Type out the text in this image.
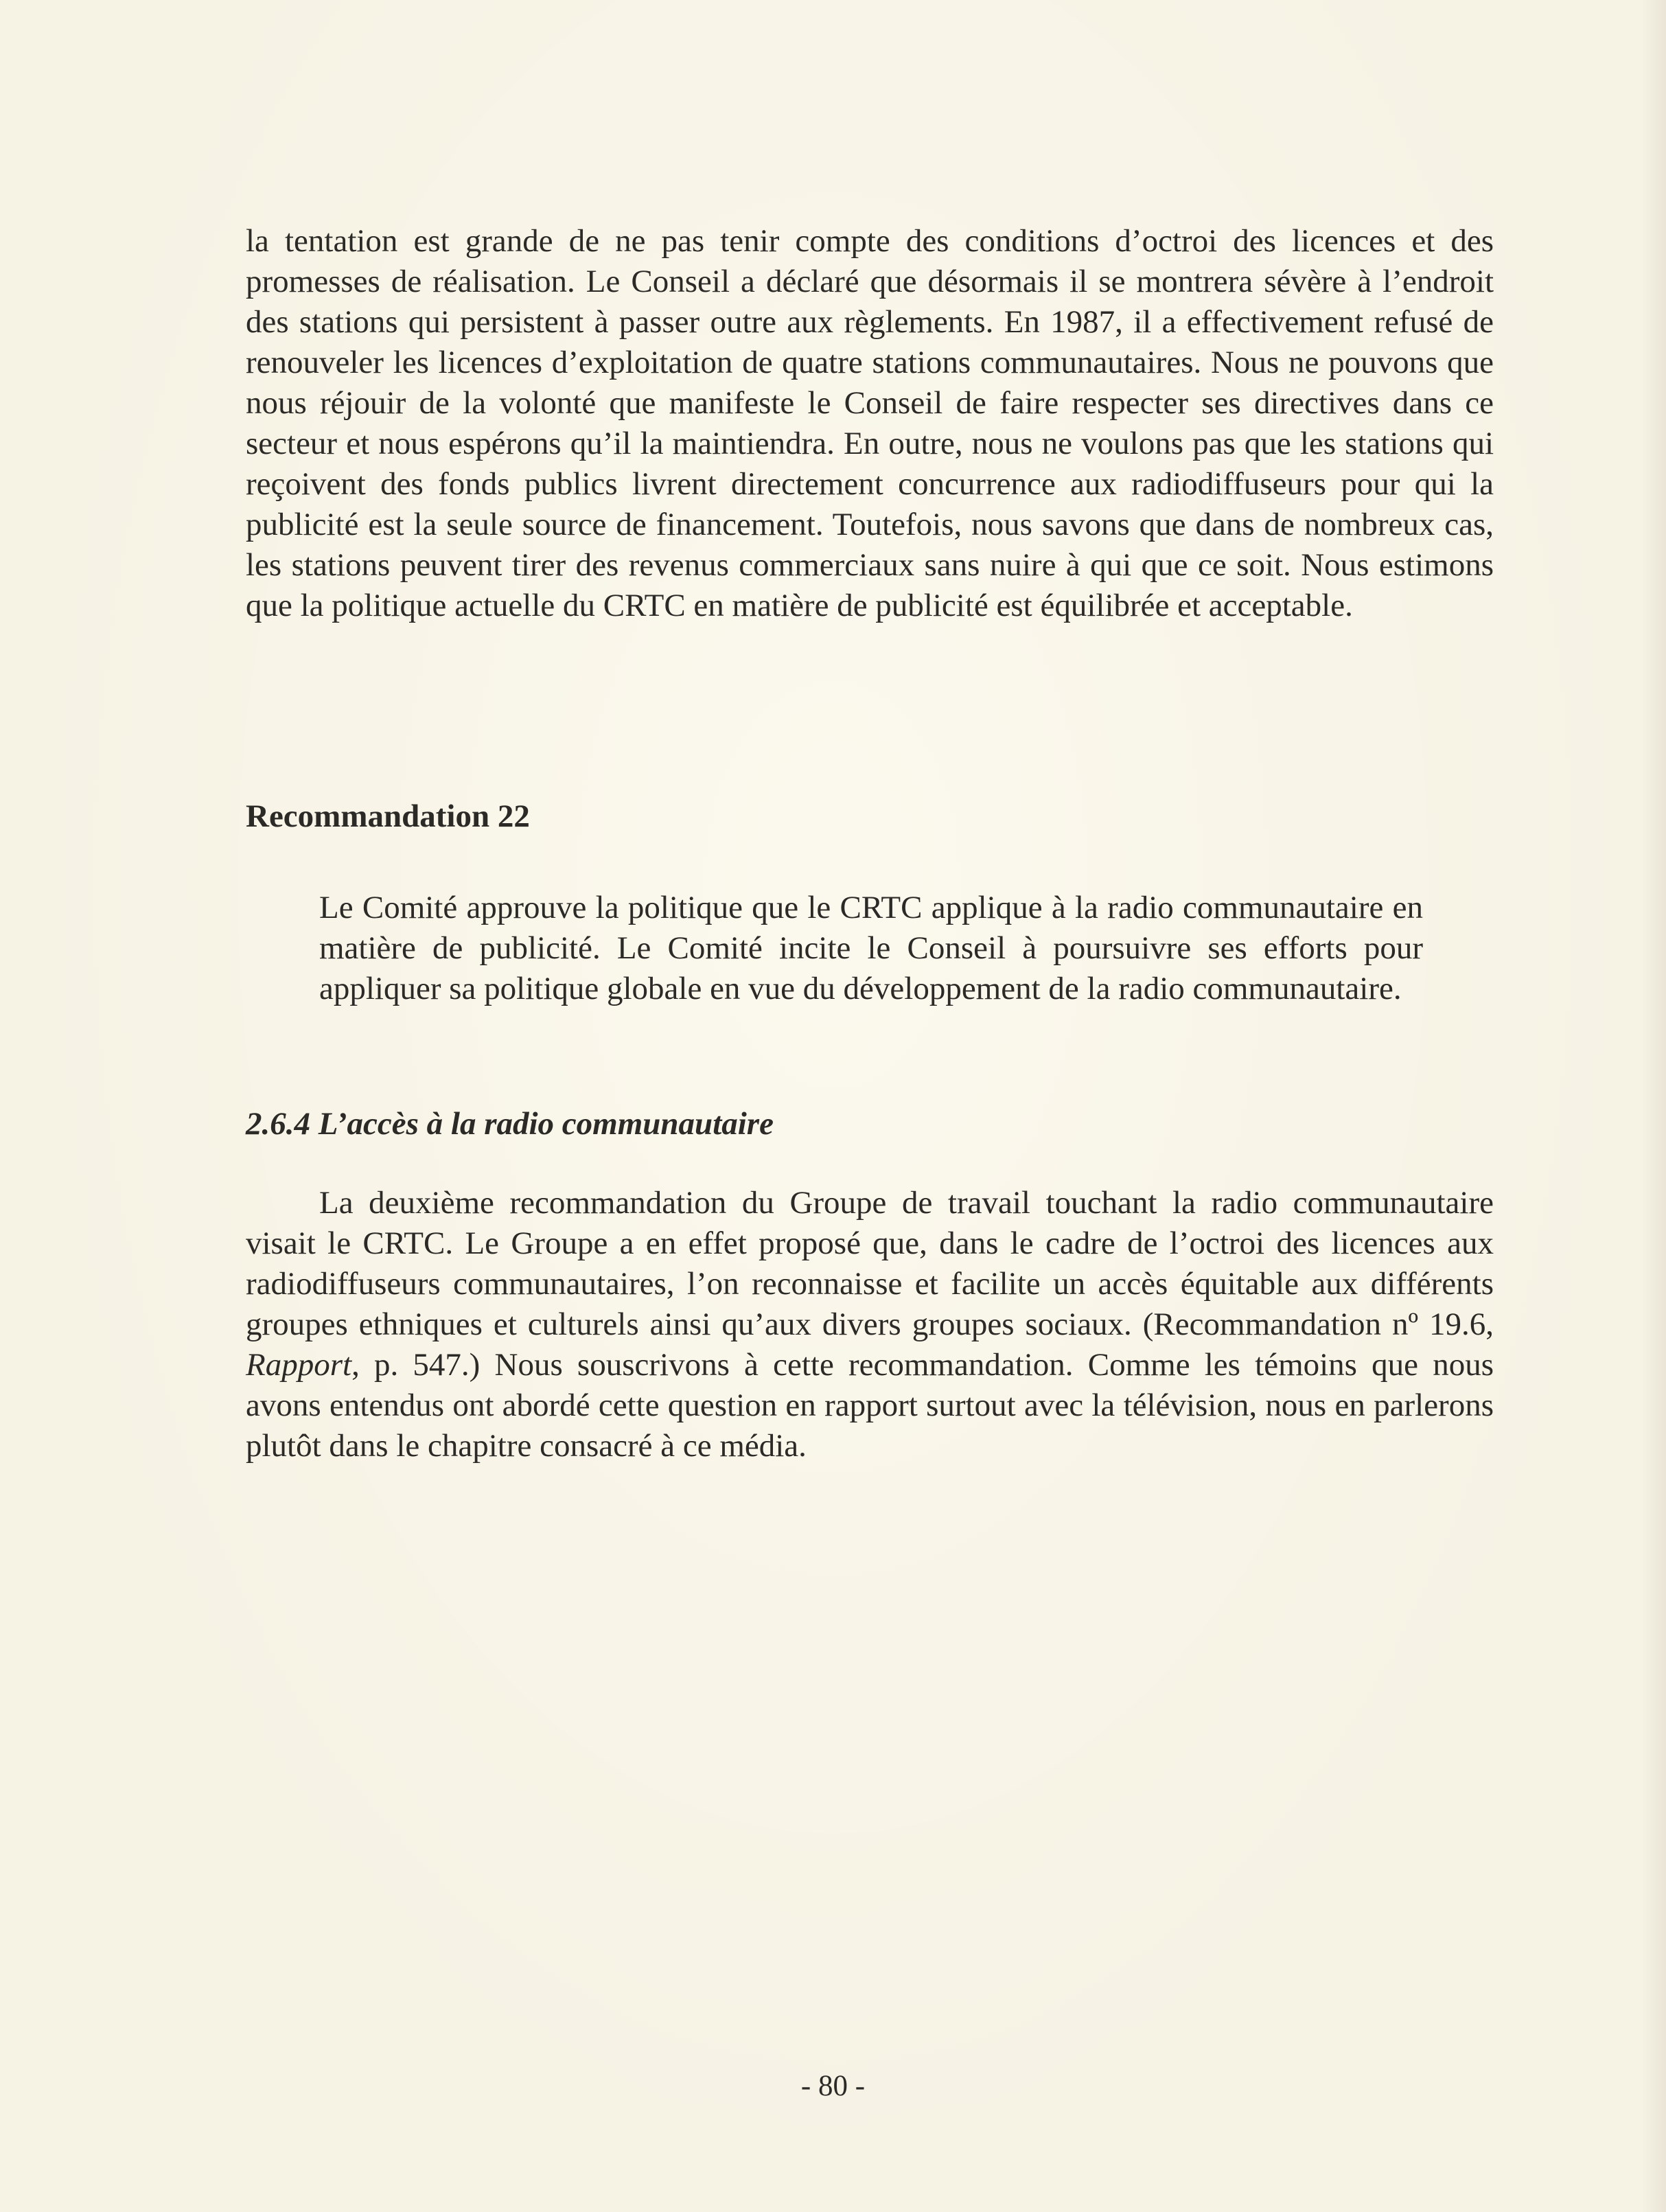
la tentation est grande de ne pas tenir compte des conditions d’octroi des licences et des promesses de réalisation. Le Conseil a déclaré que désormais il se montrera sévère à l’endroit des stations qui persistent à passer outre aux règlements. En 1987, il a effectivement refusé de renouveler les licences d’exploitation de quatre stations communautaires. Nous ne pouvons que nous réjouir de la volonté que manifeste le Conseil de faire respecter ses directives dans ce secteur et nous espérons qu’il la maintiendra. En outre, nous ne voulons pas que les stations qui reçoivent des fonds publics livrent directement concurrence aux radiodiffuseurs pour qui la publicité est la seule source de financement. Toutefois, nous savons que dans de nombreux cas, les stations peuvent tirer des revenus commerciaux sans nuire à qui que ce soit. Nous estimons que la politique actuelle du CRTC en matière de publicité est équilibrée et acceptable.

Recommandation 22

Le Comité approuve la politique que le CRTC applique à la radio communautaire en matière de publicité. Le Comité incite le Conseil à poursuivre ses efforts pour appliquer sa politique globale en vue du développement de la radio communautaire.

2.6.4 L’accès à la radio communautaire

La deuxième recommandation du Groupe de travail touchant la radio communautaire visait le CRTC. Le Groupe a en effet proposé que, dans le cadre de l’octroi des licences aux radiodiffuseurs communautaires, l’on reconnaisse et facilite un accès équitable aux différents groupes ethniques et culturels ainsi qu’aux divers groupes sociaux. (Recommandation nº 19.6, Rapport, p. 547.) Nous souscrivons à cette recommandation. Comme les témoins que nous avons entendus ont abordé cette question en rapport surtout avec la télévision, nous en parlerons plutôt dans le chapitre consacré à ce média.

- 80 -
